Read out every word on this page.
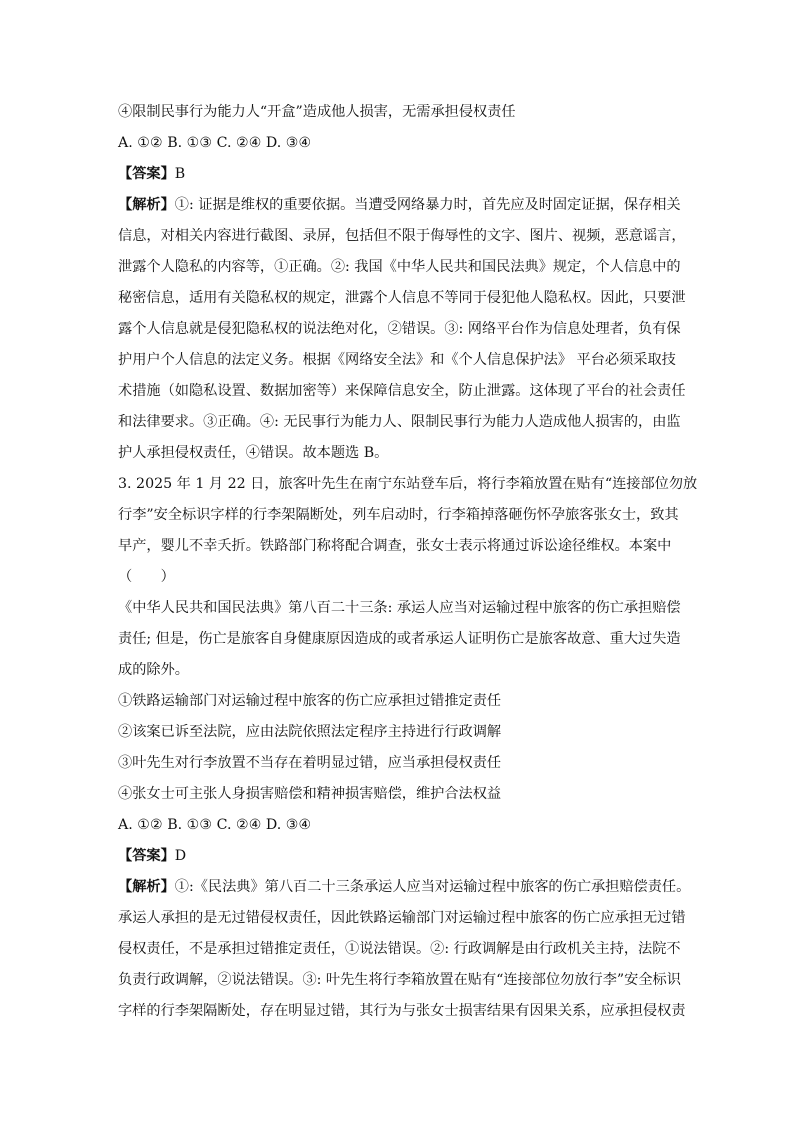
④限制民事行为能力人“开盒”造成他人损害，无需承担侵权责任

A. ①② B. ①③ C. ②④ D. ③④

【答案】B

【解析】①: 证据是维权的重要依据。当遭受网络暴力时，首先应及时固定证据，保存相关

信息，对相关内容进行截图、录屏，包括但不限于侮辱性的文字、图片、视频，恶意谣言，

泄露个人隐私的内容等，①正确。②: 我国《中华人民共和国民法典》规定，个人信息中的

秘密信息，适用有关隐私权的规定，泄露个人信息不等同于侵犯他人隐私权。因此，只要泄

露个人信息就是侵犯隐私权的说法绝对化，②错误。③: 网络平台作为信息处理者，负有保

护用户个人信息的法定义务。根据《网络安全法》和《个人信息保护法》 平台必须采取技

术措施（如隐私设置、数据加密等）来保障信息安全，防止泄露。这体现了平台的社会责任

和法律要求。③正确。④: 无民事行为能力人、限制民事行为能力人造成他人损害的，由监

护人承担侵权责任，④错误。故本题选 B。

3. 2025 年 1 月 22 日，旅客叶先生在南宁东站登车后，将行李箱放置在贴有“连接部位勿放

行李”安全标识字样的行李架隔断处，列车启动时，行李箱掉落砸伤怀孕旅客张女士，致其

早产，婴儿不幸夭折。铁路部门称将配合调查，张女士表示将通过诉讼途径维权。本案中

（　　）

《中华人民共和国民法典》第八百二十三条: 承运人应当对运输过程中旅客的伤亡承担赔偿

责任; 但是，伤亡是旅客自身健康原因造成的或者承运人证明伤亡是旅客故意、重大过失造

成的除外。

①铁路运输部门对运输过程中旅客的伤亡应承担过错推定责任

②该案已诉至法院，应由法院依照法定程序主持进行行政调解

③叶先生对行李放置不当存在着明显过错，应当承担侵权责任

④张女士可主张人身损害赔偿和精神损害赔偿，维护合法权益

A. ①② B. ①③ C. ②④ D. ③④

【答案】D

【解析】①:《民法典》第八百二十三条承运人应当对运输过程中旅客的伤亡承担赔偿责任。

承运人承担的是无过错侵权责任，因此铁路运输部门对运输过程中旅客的伤亡应承担无过错

侵权责任，不是承担过错推定责任，①说法错误。②: 行政调解是由行政机关主持，法院不

负责行政调解，②说法错误。③: 叶先生将行李箱放置在贴有“连接部位勿放行李”安全标识

字样的行李架隔断处，存在明显过错，其行为与张女士损害结果有因果关系，应承担侵权责
